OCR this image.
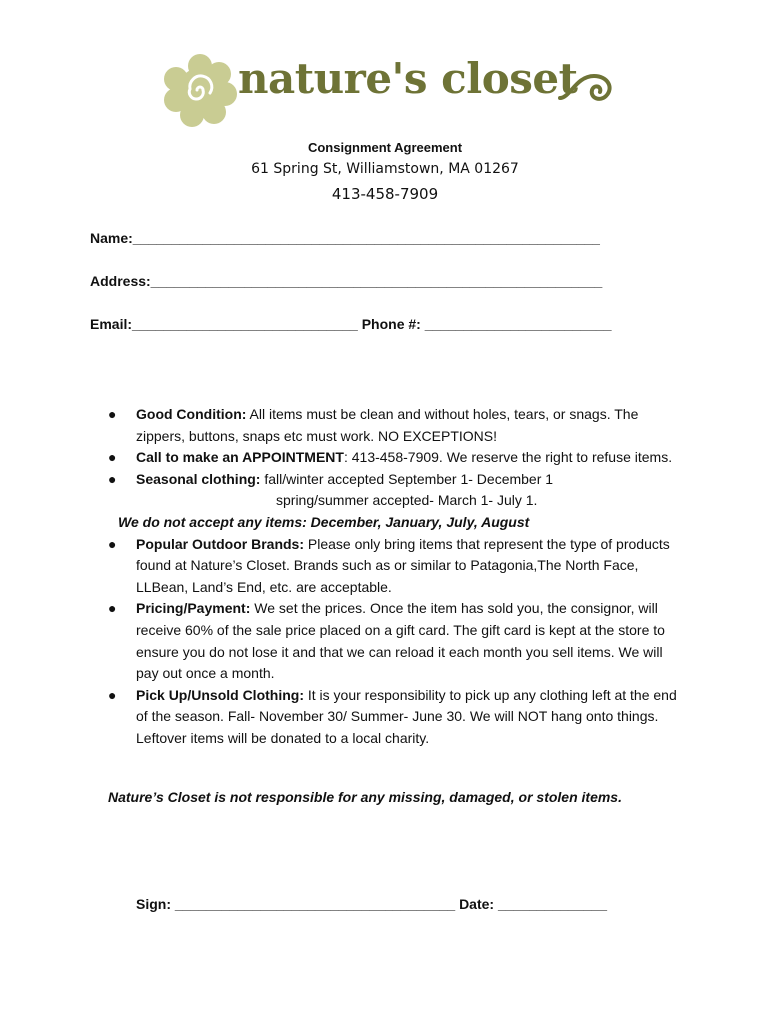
nature's closet
Consignment Agreement
61 Spring St, Williamstown, MA 01267
413-458-7909
Name:____________________________________________________________
Address:__________________________________________________________
Email:_____________________________ Phone #: ________________________
●	Good Condition: All items must be clean and without holes, tears, or snags. The zippers, buttons, snaps etc must work. NO EXCEPTIONS!
●	Call to make an APPOINTMENT: 413-458-7909. We reserve the right to refuse items.
●	Seasonal clothing: fall/winter accepted September 1- December 1
spring/summer accepted- March 1- July 1.
We do not accept any items: December, January, July, August
●	Popular Outdoor Brands: Please only bring items that represent the type of products found at Nature’s Closet. Brands such as or similar to Patagonia,The North Face, LLBean, Land’s End, etc. are acceptable.
●	Pricing/Payment: We set the prices. Once the item has sold you, the consignor, will receive 60% of the sale price placed on a gift card. The gift card is kept at the store to ensure you do not lose it and that we can reload it each month you sell items. We will pay out once a month.
●	Pick Up/Unsold Clothing: It is your responsibility to pick up any clothing left at the end of the season. Fall- November 30/ Summer- June 30. We will NOT hang onto things. Leftover items will be donated to a local charity.
Nature’s Closet is not responsible for any missing, damaged, or stolen items.
Sign: ____________________________________ Date: ______________
